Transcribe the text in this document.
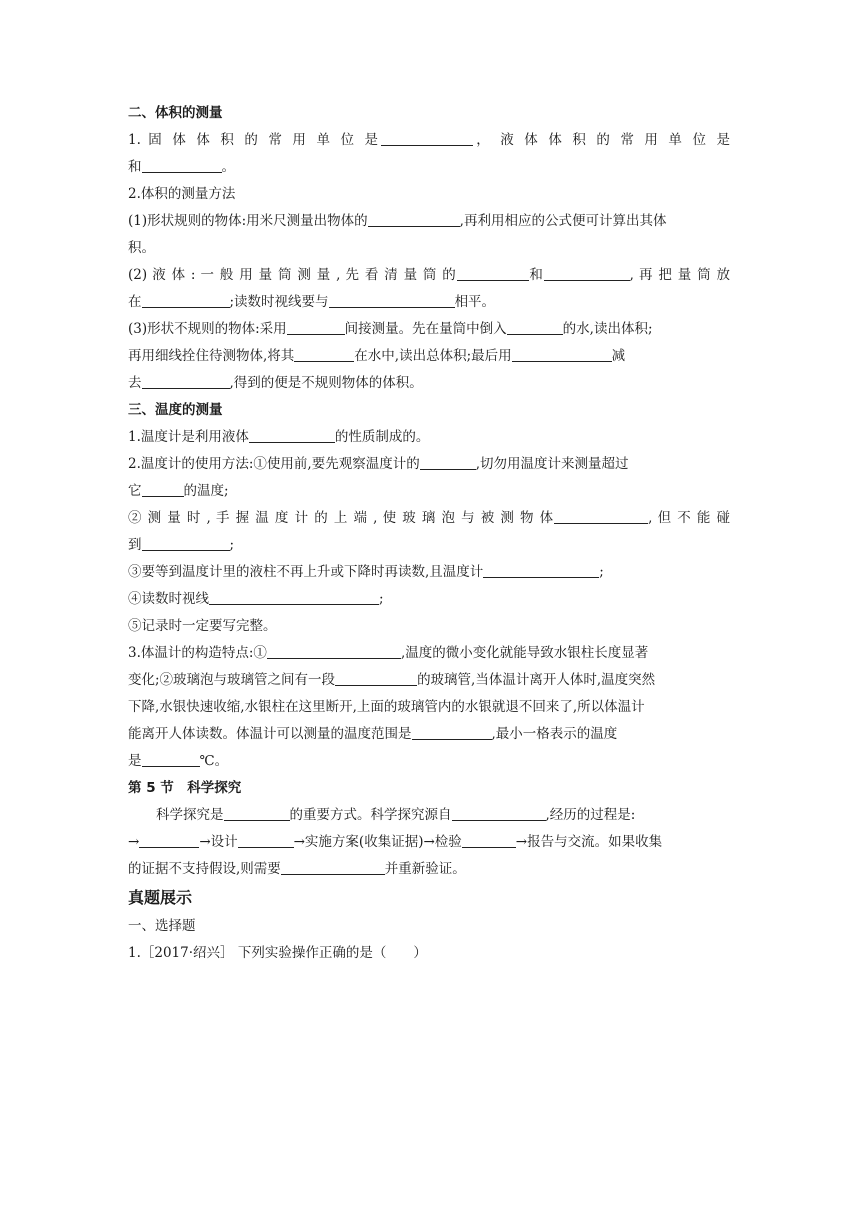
二、体积的测量
1. 固 体 体 积 的 常 用 单 位 是	， 液 体 体 积 的 常 用 单 位 是
和	。
2.体积的测量方法
(1)形状规则的物体:用米尺测量出物体的	,再利用相应的公式便可计算出其体
积。
(2) 液 体 : 一 般 用 量 筒 测 量 , 先 看 清 量 筒 的	和	, 再 把 量 筒 放
在	;读数时视线要与	相平。
(3)形状不规则的物体:采用	间接测量。先在量筒中倒入	的水,读出体积;
再用细线拴住待测物体,将其	在水中,读出总体积;最后用	减
去	,得到的便是不规则物体的体积。
三、温度的测量
1.温度计是利用液体	的性质制成的。
2.温度计的使用方法:①使用前,要先观察温度计的	,切勿用温度计来测量超过
它	的温度;
② 测 量 时 , 手 握 温 度 计 的 上 端 , 使 玻 璃 泡 与 被 测 物 体	, 但 不 能 碰
到	;
③要等到温度计里的液柱不再上升或下降时再读数,且温度计	;
④读数时视线	;
⑤记录时一定要写完整。
3.体温计的构造特点:①	,温度的微小变化就能导致水银柱长度显著
变化;②玻璃泡与玻璃管之间有一段	的玻璃管,当体温计离开人体时,温度突然
下降,水银快速收缩,水银柱在这里断开,上面的玻璃管内的水银就退不回来了,所以体温计
能离开人体读数。体温计可以测量的温度范围是	,最小一格表示的温度
是	℃。
第 5 节　科学探究
科学探究是	的重要方式。科学探究源自	,经历的过程是:
→	→设计	→实施方案(收集证据)→检验	→报告与交流。如果收集
的证据不支持假设,则需要	并重新验证。
真题展示
一、选择题
1.［2017·绍兴］ 下列实验操作正确的是（　　）
